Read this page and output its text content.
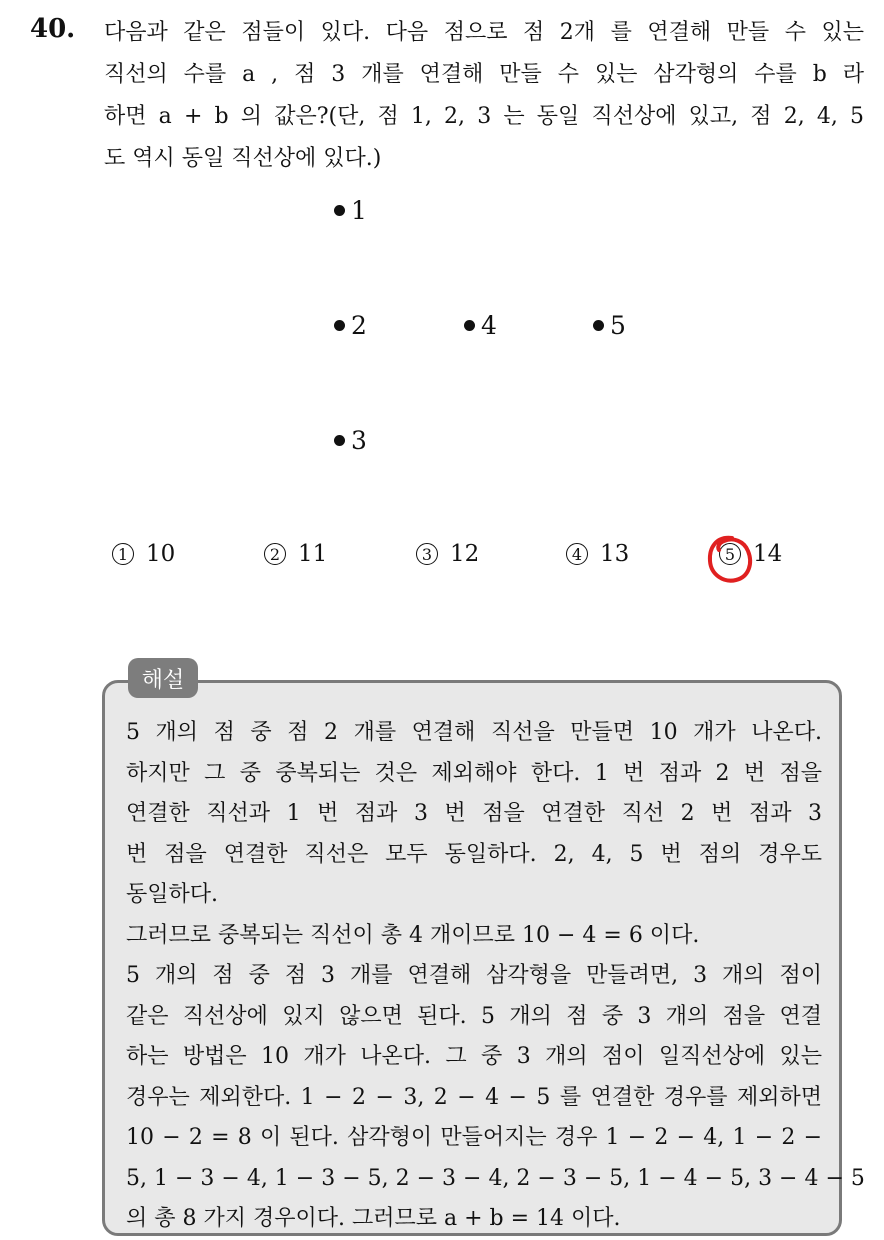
40. 다음과 같은 점들이 있다. 다음 점으로 점 2개 를 연결해 만들 수 있는
직선의 수를 a , 점 3 개를 연결해 만들 수 있는 삼각형의 수를 b 라
하면 a + b 의 값은?(단, 점 1, 2, 3 는 동일 직선상에 있고, 점 2, 4, 5
도 역시 동일 직선상에 있다.)
1
2	4	5
3
1 10	2 11	3 12	4 13	5 14
해설
5 개의 점 중 점 2 개를 연결해 직선을 만들면 10 개가 나온다.
하지만 그 중 중복되는 것은 제외해야 한다. 1 번 점과 2 번 점을
연결한 직선과 1 번 점과 3 번 점을 연결한 직선 2 번 점과 3
번 점을 연결한 직선은 모두 동일하다. 2, 4, 5 번 점의 경우도
동일하다.
그러므로 중복되는 직선이 총 4 개이므로 10 − 4 = 6 이다.
5 개의 점 중 점 3 개를 연결해 삼각형을 만들려면, 3 개의 점이
같은 직선상에 있지 않으면 된다. 5 개의 점 중 3 개의 점을 연결
하는 방법은 10 개가 나온다. 그 중 3 개의 점이 일직선상에 있는
경우는 제외한다. 1 − 2 − 3, 2 − 4 − 5 를 연결한 경우를 제외하면
10 − 2 = 8 이 된다. 삼각형이 만들어지는 경우 1 − 2 − 4, 1 − 2 −
5, 1 − 3 − 4, 1 − 3 − 5, 2 − 3 − 4, 2 − 3 − 5, 1 − 4 − 5, 3 − 4 − 5
의 총 8 가지 경우이다. 그러므로 a + b = 14 이다.
